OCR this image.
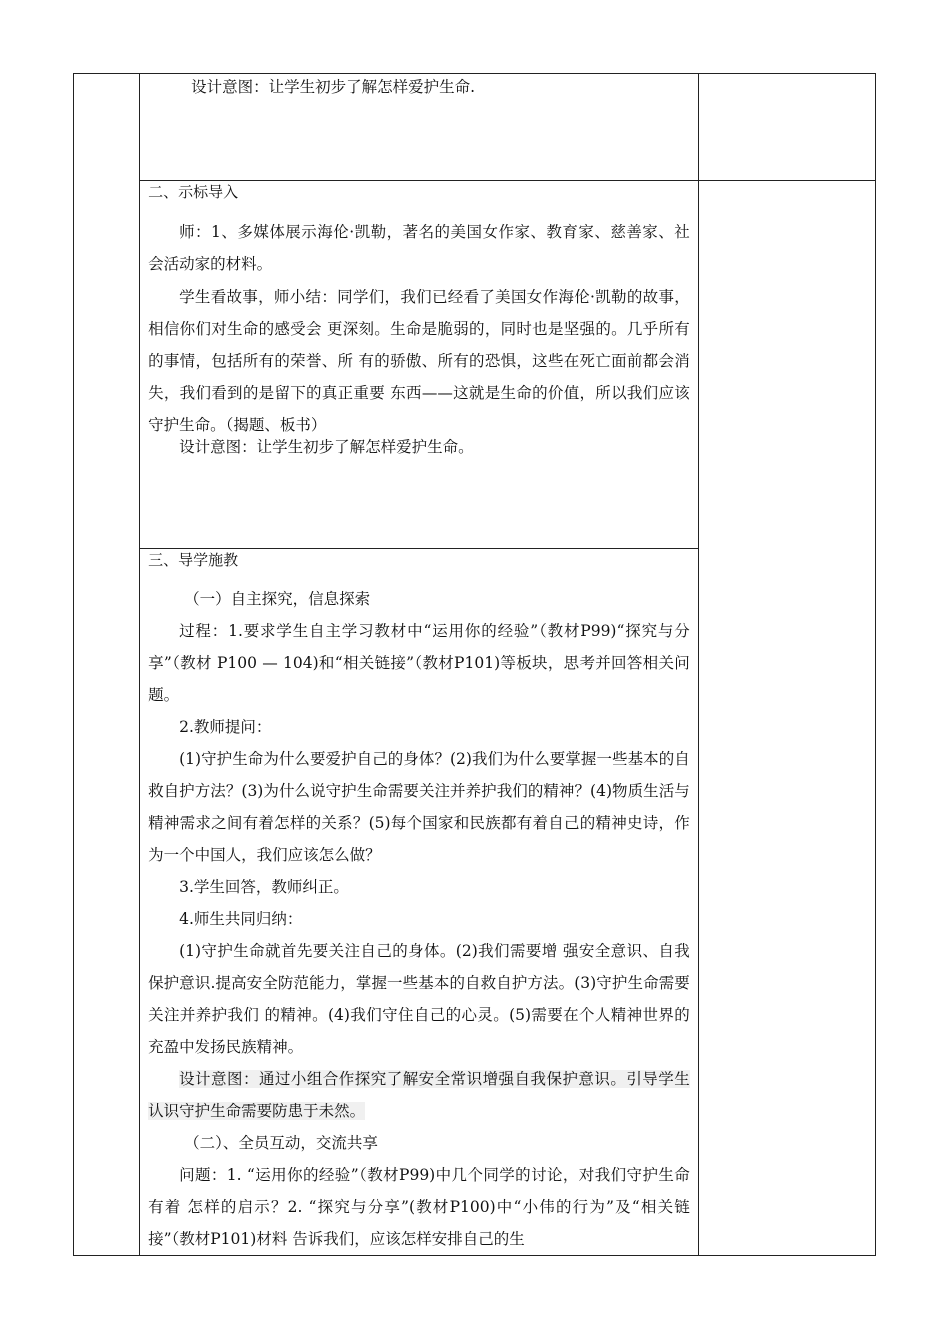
设计意图：让学生初步了解怎样爱护生命.

二、示标导入

师：1、多媒体展示海伦·凯勒，著名的美国女作家、教育家、慈善家、社会活动家的材料。

学生看故事，师小结：同学们，我们已经看了美国女作海伦·凯勒的故事，相信你们对生命的感受会 更深刻。生命是脆弱的，同时也是坚强的。几乎所有的事情，包括所有的荣誉、所 有的骄傲、所有的恐惧，这些在死亡面前都会消失，我们看到的是留下的真正重要 东西——这就是生命的价值，所以我们应该守护生命。（揭题、板书）

设计意图：让学生初步了解怎样爱护生命。

三、导学施教

（一）自主探究，信息探索

过程：1.要求学生自主学习教材中“运用你的经验”（教材P99)“探究与分享”（教材 P100 — 104)和“相关链接”（教材P101)等板块，思考并回答相关问题。

2.教师提问：

(1)守护生命为什么要爱护自己的身体？(2)我们为什么要掌握一些基本的自救自护方法？(3)为什么说守护生命需要关注并养护我们的精神？(4)物质生活与精神需求之间有着怎样的关系？(5)每个国家和民族都有着自己的精神史诗，作为一个中国人，我们应该怎么做？

3.学生回答，教师纠正。

4.师生共同归纳：

(1)守护生命就首先要关注自己的身体。(2)我们需要增 强安全意识、自我保护意识.提高安全防范能力，掌握一些基本的自救自护方法。(3)守护生命需要关注并养护我们 的精神。(4)我们守住自己的心灵。(5)需要在个人精神世界的充盈中发扬民族精神。

设计意图：通过小组合作探究了解安全常识增强自我保护意识。引导学生认识守护生命需要防患于未然。

（二）、全员互动，交流共享

问题：1. “运用你的经验”（教材P99)中几个同学的讨论，对我们守护生命有着 怎样的启示？2. “探究与分享”(教材P100)中“小伟的行为”及“相关链接”（教材P101)材料 告诉我们，应该怎样安排自己的生
